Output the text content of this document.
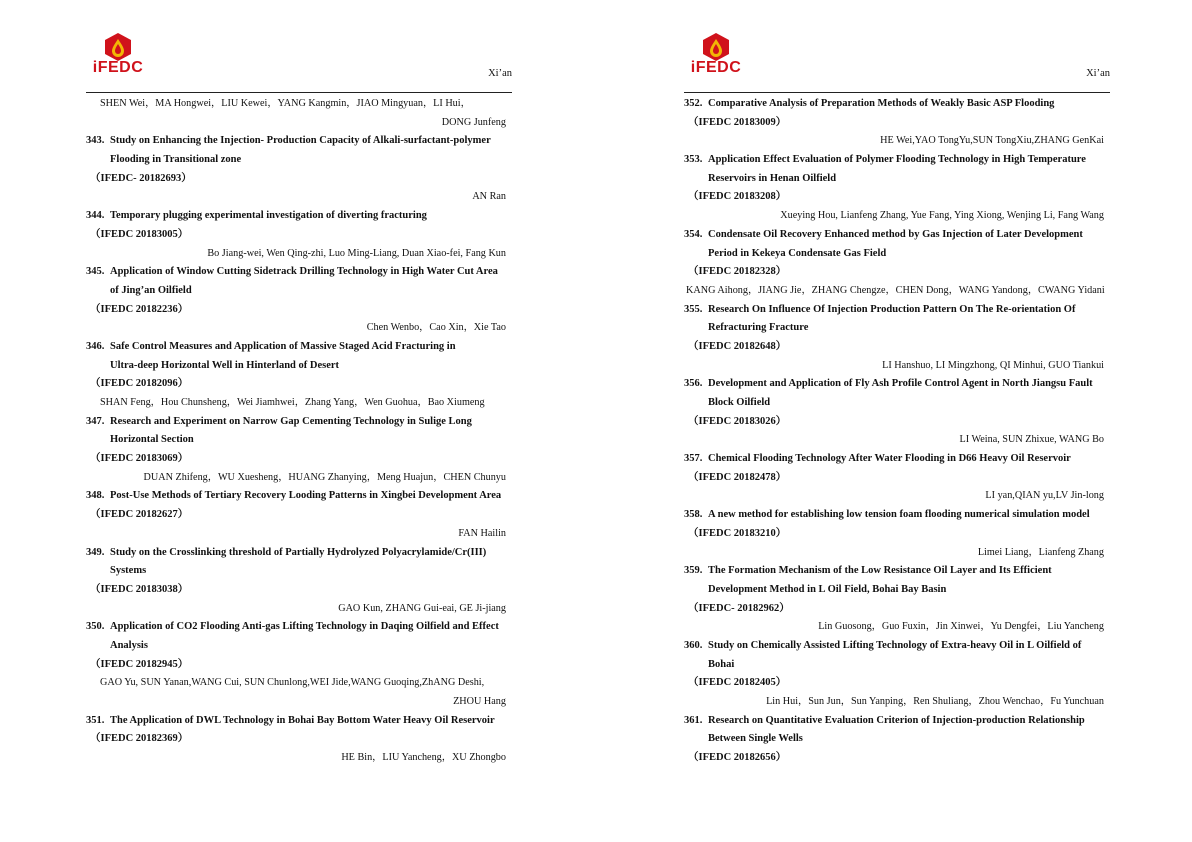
iFEDC	Xi’an
SHEN Wei，MA Hongwei，LIU Kewei，YANG Kangmin，JIAO Mingyuan，LI Hui，
DONG Junfeng
343. Study on Enhancing the Injection- Production Capacity of Alkali-surfactant-polymer
Flooding in Transitional zone
（IFEDC- 20182693）
AN Ran
344. Temporary plugging experimental investigation of diverting fracturing
（IFEDC 20183005）
Bo Jiang-wei, Wen Qing-zhi, Luo Ming-Liang, Duan Xiao-fei, Fang Kun
345. Application of Window Cutting Sidetrack Drilling Technology in High Water Cut Area
of Jing’an Oilfield
（IFEDC 20182236）
Chen Wenbo，Cao Xin，Xie Tao
346. Safe Control Measures and Application of Massive Staged Acid Fracturing in
Ultra-deep Horizontal Well in Hinterland of Desert
（IFEDC 20182096）
SHAN Feng，Hou Chunsheng，Wei Jiamhwei，Zhang Yang，Wen Guohua，Bao Xiumeng
347. Research and Experiment on Narrow Gap Cementing Technology in Sulige Long
Horizontal Section
（IFEDC 20183069）
DUAN Zhifeng，WU Xuesheng，HUANG Zhanying，Meng Huajun，CHEN Chunyu
348. Post-Use Methods of Tertiary Recovery Looding Patterns in Xingbei Development Area
（IFEDC 20182627）
FAN Hailin
349. Study on the Crosslinking threshold of Partially Hydrolyzed Polyacrylamide/Cr(III)
Systems
（IFEDC 20183038）
GAO Kun, ZHANG Gui-eai, GE Ji-jiang
350. Application of CO2 Flooding Anti-gas Lifting Technology in Daqing Oilfield and Effect
Analysis
（IFEDC 20182945）
GAO Yu, SUN Yanan,WANG Cui, SUN Chunlong,WEI Jide,WANG Guoqing,ZhANG Deshi,
ZHOU Hang
351. The Application of DWL Technology in Bohai Bay Bottom Water Heavy Oil Reservoir
（IFEDC 20182369）
HE Bin，LIU Yancheng，XU Zhongbo
iFEDC	Xi’an
352. Comparative Analysis of Preparation Methods of Weakly Basic ASP Flooding
（IFEDC 20183009）
HE Wei,YAO TongYu,SUN TongXiu,ZHANG GenKai
353. Application Effect Evaluation of Polymer Flooding Technology in High Temperature
Reservoirs in Henan Oilfield
（IFEDC 20183208）
Xueying Hou, Lianfeng Zhang, Yue Fang, Ying Xiong, Wenjing Li, Fang Wang
354. Condensate Oil Recovery Enhanced method by Gas Injection of Later Development
Period in Kekeya Condensate Gas Field
（IFEDC 20182328）
KANG Aihong，JIANG Jie，ZHANG Chengze，CHEN Dong，WANG Yandong，CWANG Yidani
355. Research On Influence Of Injection Production Pattern On The Re-orientation Of
Refracturing Fracture
（IFEDC 20182648）
LI Hanshuo, LI Mingzhong, QI Minhui, GUO Tiankui
356. Development and Application of Fly Ash Profile Control Agent in North Jiangsu Fault
Block Oilfield
（IFEDC 20183026）
LI Weina, SUN Zhixue, WANG Bo
357. Chemical Flooding Technology After Water Flooding in D66 Heavy Oil Reservoir
（IFEDC 20182478）
LI yan,QIAN yu,LV Jin-long
358. A new method for establishing low tension foam flooding numerical simulation model
（IFEDC 20183210）
Limei Liang，Lianfeng Zhang
359. The Formation Mechanism of the Low Resistance Oil Layer and Its Efficient
Development Method in L Oil Field, Bohai Bay Basin
（IFEDC- 20182962）
Lin Guosong，Guo Fuxin，Jin Xinwei，Yu Dengfei，Liu Yancheng
360. Study on Chemically Assisted Lifting Technology of Extra-heavy Oil in L Oilfield of
Bohai
（IFEDC 20182405）
Lin Hui，Sun Jun，Sun Yanping，Ren Shuliang，Zhou Wenchao，Fu Yunchuan
361. Research on Quantitative Evaluation Criterion of Injection-production Relationship
Between Single Wells
（IFEDC 20182656）
